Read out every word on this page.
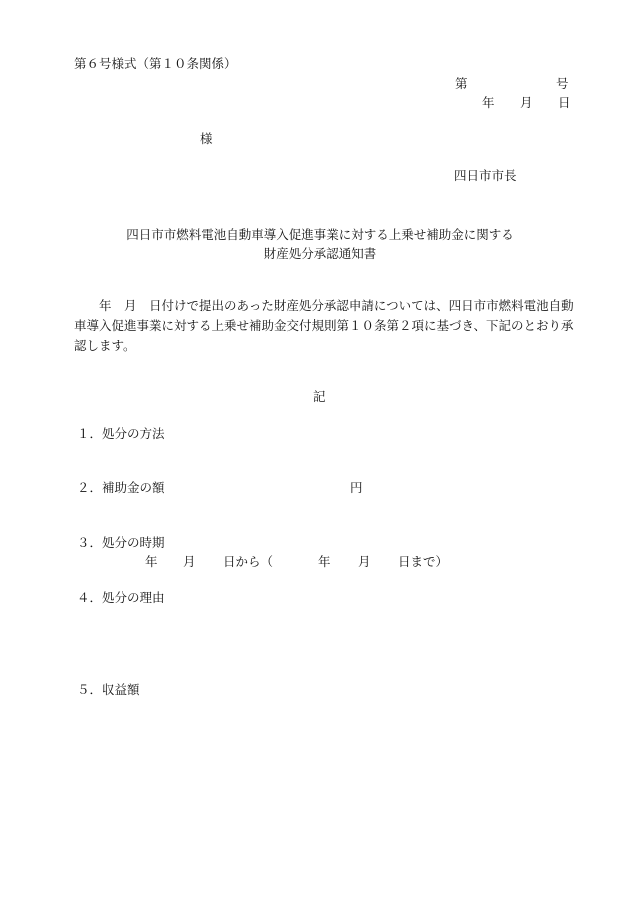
第６号様式（第１０条関係）
第	号
年 月 日
様
四日市市長
四日市市燃料電池自動車導入促進事業に対する上乗せ補助金に関する
財産処分承認通知書
年　月　日付けで提出のあった財産処分承認申請については、四日市市燃料電池自動車導入促進事業に対する上乗せ補助金交付規則第１０条第２項に基づき、下記のとおり承認します。
記
１．処分の方法
２．補助金の額	円
３．処分の時期
年 月 日から（	年 月 日まで）
４．処分の理由
５．収益額
